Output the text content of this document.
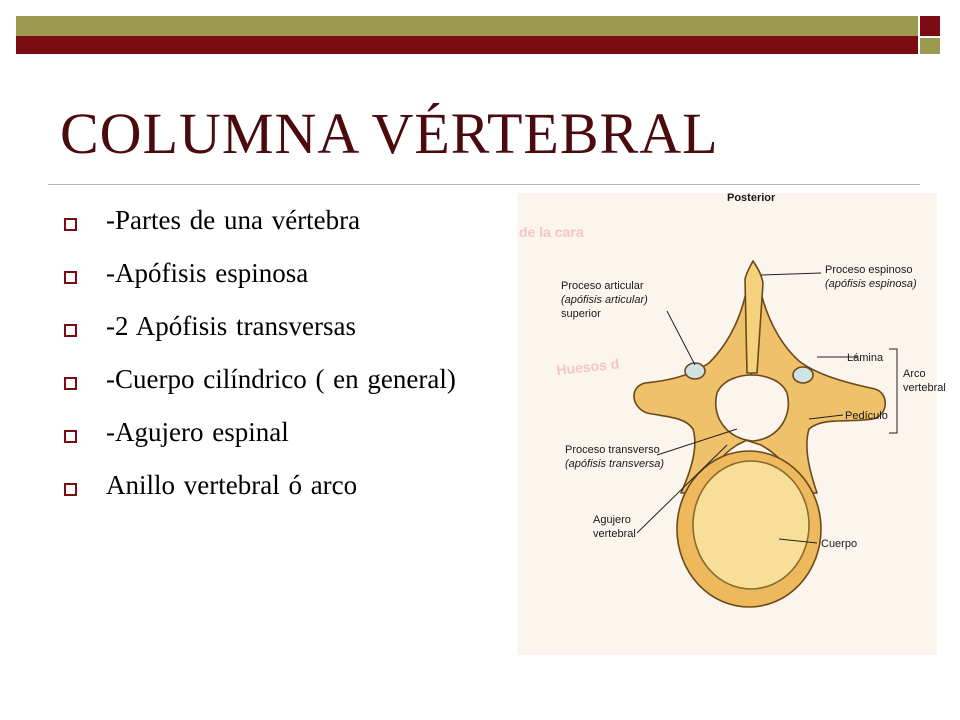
COLUMNA VÉRTEBRAL
-Partes de una vértebra
-Apófisis espinosa
-2 Apófisis transversas
-Cuerpo cilíndrico ( en general)
-Agujero espinal
Anillo vertebral ó arco
de la cara
Huesos d
Posterior
Proceso articular
(apófisis articular)
superior
Proceso espinoso
(apófisis espinosa)
Lámina
Arco
vertebral
Pedículo
Proceso transverso
(apófisis transversa)
Agujero
vertebral
Cuerpo
